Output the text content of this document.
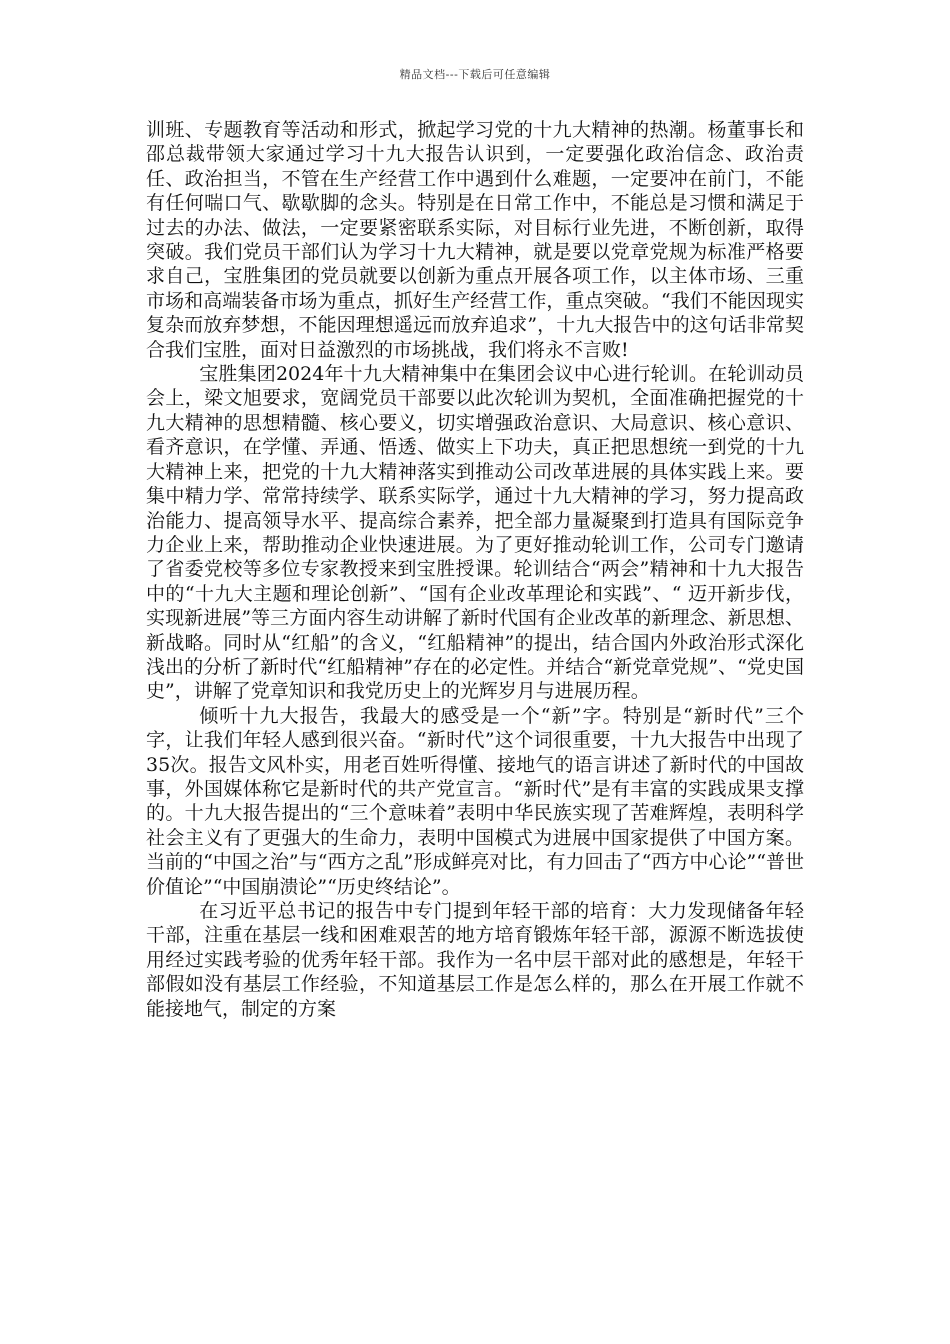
精品文档---下载后可任意编辑

训班、专题教育等活动和形式，掀起学习党的十九大精神的热潮。杨董事长和邵总裁带领大家通过学习十九大报告认识到，一定要强化政治信念、政治责任、政治担当，不管在生产经营工作中遇到什么难题，一定要冲在前门，不能有任何喘口气、歇歇脚的念头。特别是在日常工作中，不能总是习惯和满足于过去的办法、做法，一定要紧密联系实际，对目标行业先进，不断创新，取得突破。我们党员干部们认为学习十九大精神，就是要以党章党规为标准严格要求自己，宝胜集团的党员就要以创新为重点开展各项工作，以主体市场、三重市场和高端装备市场为重点，抓好生产经营工作，重点突破。“我们不能因现实复杂而放弃梦想，不能因理想遥远而放弃追求”，十九大报告中的这句话非常契合我们宝胜，面对日益激烈的市场挑战，我们将永不言败!

宝胜集团2024年十九大精神集中在集团会议中心进行轮训。在轮训动员会上，梁文旭要求，宽阔党员干部要以此次轮训为契机，全面准确把握党的十九大精神的思想精髓、核心要义，切实增强政治意识、大局意识、核心意识、看齐意识，在学懂、弄通、悟透、做实上下功夫，真正把思想统一到党的十九大精神上来，把党的十九大精神落实到推动公司改革进展的具体实践上来。要集中精力学、常常持续学、联系实际学，通过十九大精神的学习，努力提高政治能力、提高领导水平、提高综合素养，把全部力量凝聚到打造具有国际竞争力企业上来，帮助推动企业快速进展。为了更好推动轮训工作，公司专门邀请了省委党校等多位专家教授来到宝胜授课。轮训结合“两会”精神和十九大报告中的“十九大主题和理论创新”、“国有企业改革理论和实践”、“ 迈开新步伐，实现新进展”等三方面内容生动讲解了新时代国有企业改革的新理念、新思想、新战略。同时从“红船”的含义，“红船精神”的提出，结合国内外政治形式深化浅出的分析了新时代“红船精神”存在的必定性。并结合“新党章党规”、“党史国史”，讲解了党章知识和我党历史上的光辉岁月与进展历程。

倾听十九大报告，我最大的感受是一个“新”字。特别是“新时代”三个字，让我们年轻人感到很兴奋。“新时代”这个词很重要，十九大报告中出现了35次。报告文风朴实，用老百姓听得懂、接地气的语言讲述了新时代的中国故事，外国媒体称它是新时代的共产党宣言。“新时代”是有丰富的实践成果支撑的。十九大报告提出的“三个意味着”表明中华民族实现了苦难辉煌，表明科学社会主义有了更强大的生命力，表明中国模式为进展中国家提供了中国方案。当前的“中国之治”与“西方之乱”形成鲜亮对比，有力回击了“西方中心论”“普世价值论”“中国崩溃论”“历史终结论”。

在习近平总书记的报告中专门提到年轻干部的培育：大力发现储备年轻干部，注重在基层一线和困难艰苦的地方培育锻炼年轻干部，源源不断选拔使用经过实践考验的优秀年轻干部。我作为一名中层干部对此的感想是，年轻干部假如没有基层工作经验，不知道基层工作是怎么样的，那么在开展工作就不能接地气，制定的方案
